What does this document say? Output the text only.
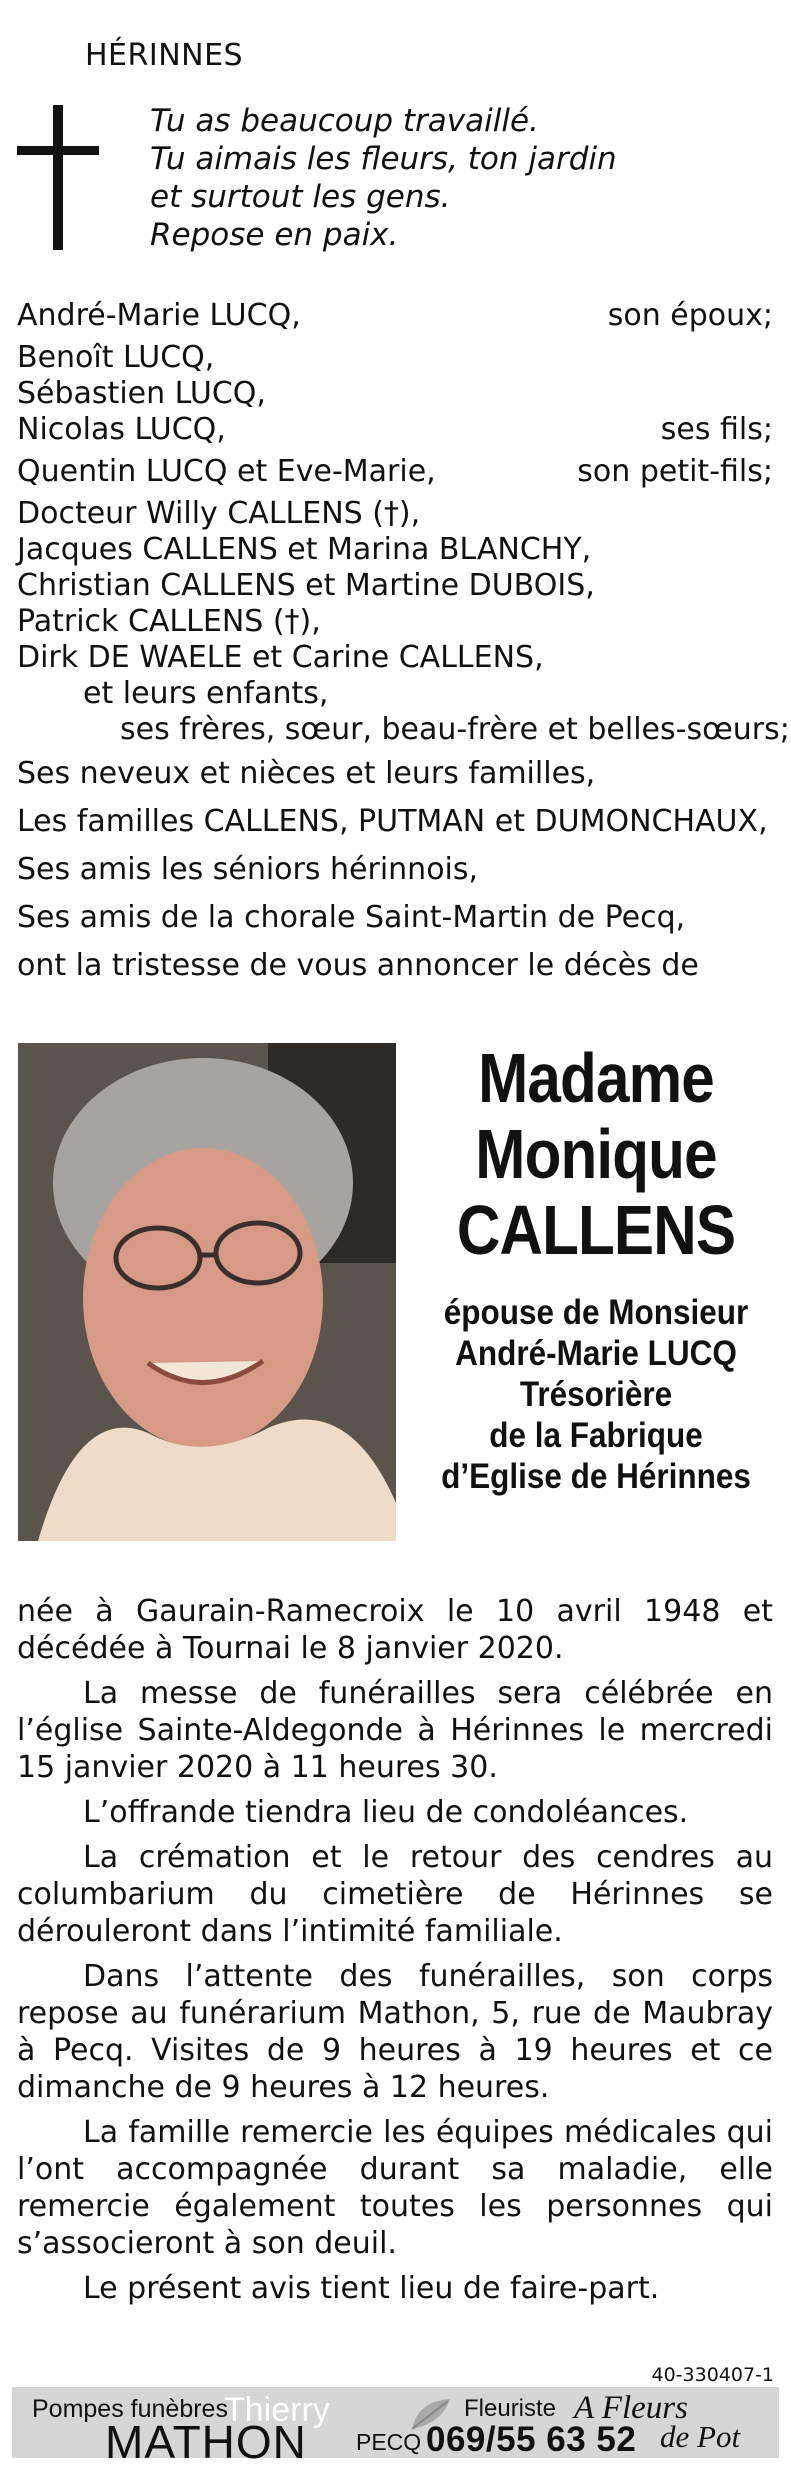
HÉRINNES
Tu as beaucoup travaillé.
Tu aimais les fleurs, ton jardin
et surtout les gens.
Repose en paix.
André-Marie LUCQ,	son époux;
Benoît LUCQ,
Sébastien LUCQ,
Nicolas LUCQ,	ses fils;
Quentin LUCQ et Eve-Marie,	son petit-fils;
Docteur Willy CALLENS (†),
Jacques CALLENS et Marina BLANCHY,
Christian CALLENS et Martine DUBOIS,
Patrick CALLENS (†),
Dirk DE WAELE et Carine CALLENS,
et leurs enfants,
ses frères, sœur, beau-frère et belles-sœurs;
Ses neveux et nièces et leurs familles,
Les familles CALLENS, PUTMAN et DUMONCHAUX,
Ses amis les séniors hérinnois,
Ses amis de la chorale Saint-Martin de Pecq,
ont la tristesse de vous annoncer le décès de
Madame
Monique
CALLENS
épouse de Monsieur
André-Marie LUCQ
Trésorière
de la Fabrique
d’Eglise de Hérinnes

née à Gaurain-Ramecroix le 10 avril 1948 et décédée à Tournai le 8 janvier 2020.

La messe de funérailles sera célébrée en l’église Sainte-Aldegonde à Hérinnes le mercredi 15 janvier 2020 à 11 heures 30.

L’offrande tiendra lieu de condoléances.

La crémation et le retour des cendres au columbarium du cimetière de Hérinnes se dérouleront dans l’intimité familiale.

Dans l’attente des funérailles, son corps repose au funérarium Mathon, 5, rue de Maubray à Pecq. Visites de 9 heures à 19 heures et ce dimanche de 9 heures à 12 heures.

La famille remercie les équipes médicales qui l’ont accompagnée durant sa maladie, elle remercie également toutes les personnes qui s’associeront à son deuil.

Le présent avis tient lieu de faire-part.

40-330407-1
Pompes funèbres
Thierry
MATHON PECQ
Fleuriste
069/55 63 52
A Fleurs
de Pot
